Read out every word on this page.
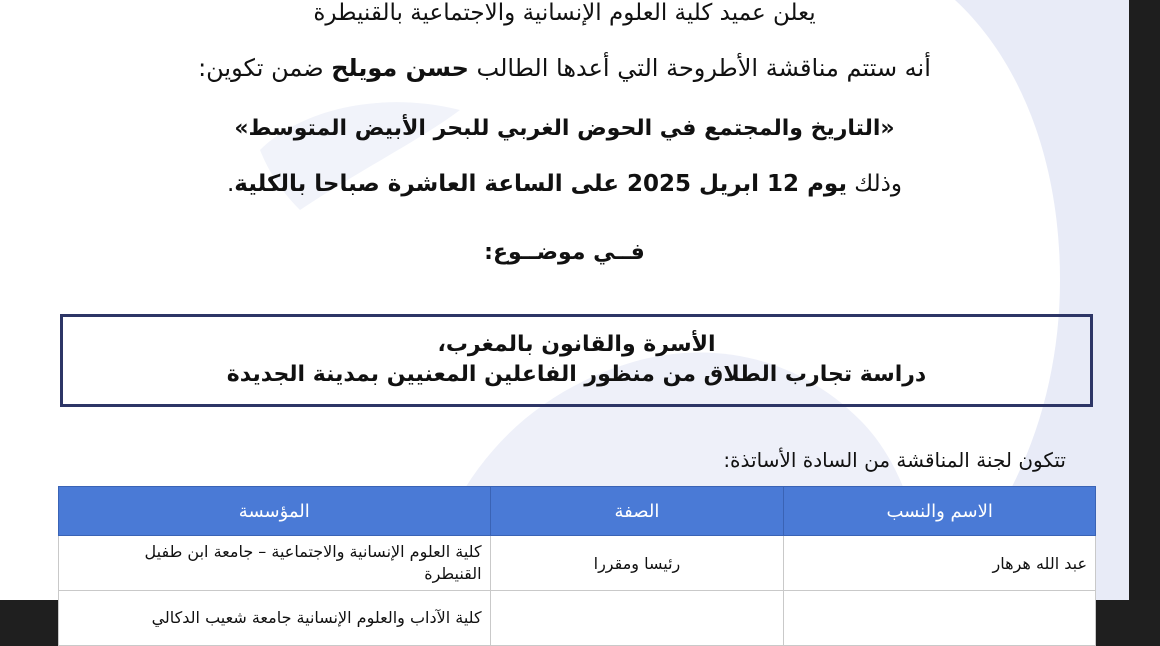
يعلن عميد كلية العلوم الإنسانية والاجتماعية بالقنيطرة
أنه ستتم مناقشة الأطروحة التي أعدها الطالب حسن مويلح ضمن تكوين:
«التاريخ والمجتمع في الحوض الغربي للبحر الأبيض المتوسط»
وذلك يوم 12 ابريل 2025 على الساعة العاشرة صباحا بالكلية.
فــي موضــوع:
الأسرة والقانون بالمغرب،
دراسة تجارب الطلاق من منظور الفاعلين المعنيين بمدينة الجديدة
تتكون لجنة المناقشة من السادة الأساتذة:
الاسم والنسب	الصفة	المؤسسة
عبد الله هرهار	رئيسا ومقررا	كلية العلوم الإنسانية والاجتماعية – جامعة ابن طفيل
القنيطرة

		كلية الآداب والعلوم الإنسانية جامعة شعيب الدكالي
